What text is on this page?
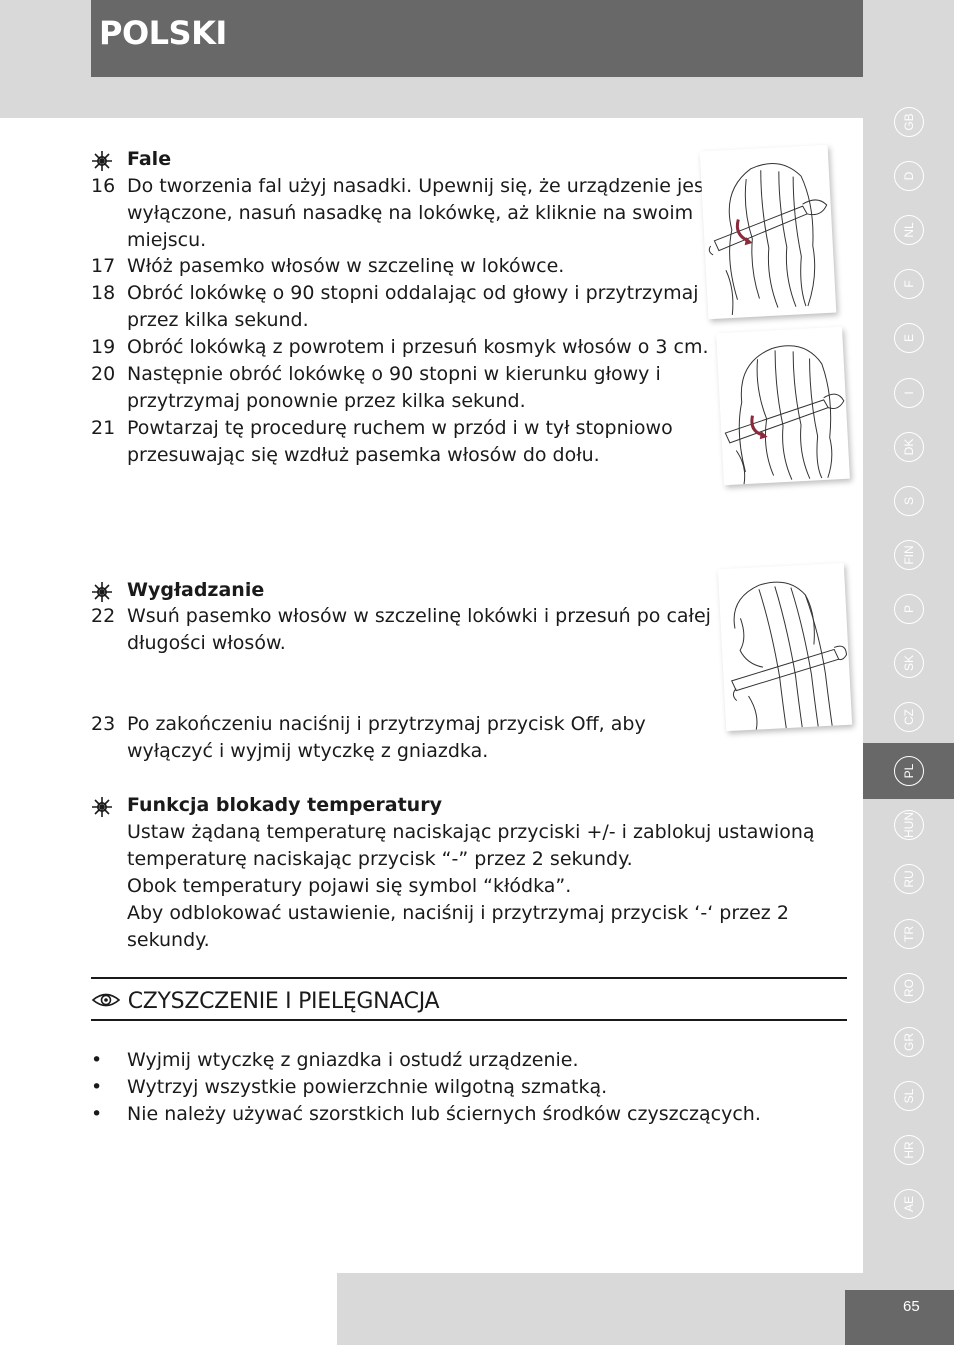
POLSKI
GB
D
NL
F
E
I
DK
S
FIN
P
SK
CZ
PL
HUN
RU
TR
RO
GR
SL
HR
AE
65
Fale
16 Do tworzenia fal użyj nasadki. Upewnij się, że urządzenie jest
wyłączone, nasuń nasadkę na lokówkę, aż kliknie na swoim
miejscu.
17 Włóż pasemko włosów w szczelinę w lokówce.
18 Obróć lokówkę o 90 stopni oddalając od głowy i przytrzymaj
przez kilka sekund.
19 Obróć lokówką z powrotem i przesuń kosmyk włosów o 3 cm.
20 Następnie obróć lokówkę o 90 stopni w kierunku głowy i
przytrzymaj ponownie przez kilka sekund.
21 Powtarzaj tę procedurę ruchem w przód i w tył stopniowo
przesuwając się wzdłuż pasemka włosów do dołu.
Wygładzanie
22 Wsuń pasemko włosów w szczelinę lokówki i przesuń po całej
długości włosów.
23 Po zakończeniu naciśnij i przytrzymaj przycisk Off, aby
wyłączyć i wyjmij wtyczkę z gniazdka.
Funkcja blokady temperatury
Ustaw żądaną temperaturę naciskając przyciski +/- i zablokuj ustawioną
temperaturę naciskając przycisk “-” przez 2 sekundy.
Obok temperatury pojawi się symbol “kłódka”.
Aby odblokować ustawienie, naciśnij i przytrzymaj przycisk ‘-‘ przez 2
sekundy.
CZYSZCZENIE I PIELĘGNACJA
• Wyjmij wtyczkę z gniazdka i ostudź urządzenie.
• Wytrzyj wszystkie powierzchnie wilgotną szmatką.
• Nie należy używać szorstkich lub ściernych środków czyszczących.
